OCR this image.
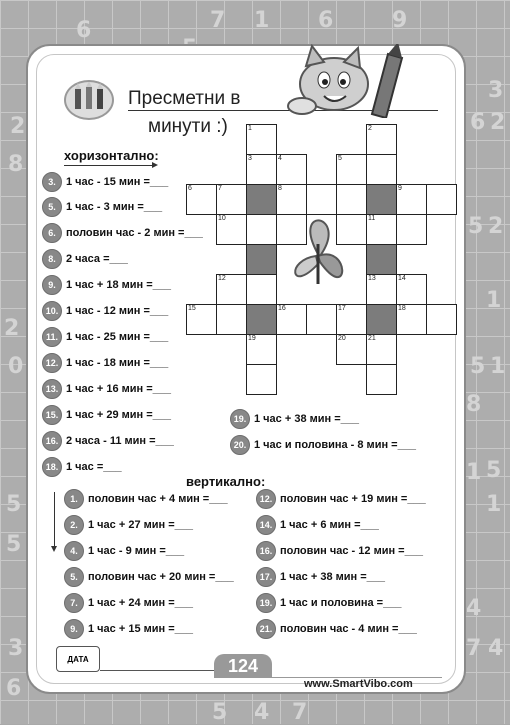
6	7 1 6	9
3
2	6 2
8
2
5
1
2
0	5 1
8
5
1
5
5
1
4
3	4
7
6
5 4 7
Пресметни в
минути :)	1	2
3	4	5
6	7	8	9
10	11
12	13	14
15	16	17	18
19	20	21
хоризонтално:
вертикално:
3. 1 час - 15 мин =___
5. 1 час - 3 мин =___
6. половин час - 2 мин =___
8. 2 часа =___
9. 1 час + 18 мин =___
10. 1 час - 12 мин =___
11. 1 час - 25 мин =___
12. 1 час - 18 мин =___
13. 1 час + 16 мин =___
15. 1 час + 29 мин =___
16. 2 часа - 11 мин =___
18. 1 час =___
19. 1 час + 38 мин =___
20. 1 час и половина - 8 мин =___
1. половин час + 4 мин =___
2. 1 час + 27 мин =___
4. 1 час - 9 мин =___
5. половин час + 20 мин =___
7. 1 час + 24 мин =___
9. 1 час + 15 мин =___
12. половин час + 19 мин =___
14. 1 час + 6 мин =___
16. половин час - 12 мин =___
17. 1 час + 38 мин =___
19. 1 час и половина =___
21. половин час - 4 мин =___
ДАТА	124
www.SmartVibo.com
